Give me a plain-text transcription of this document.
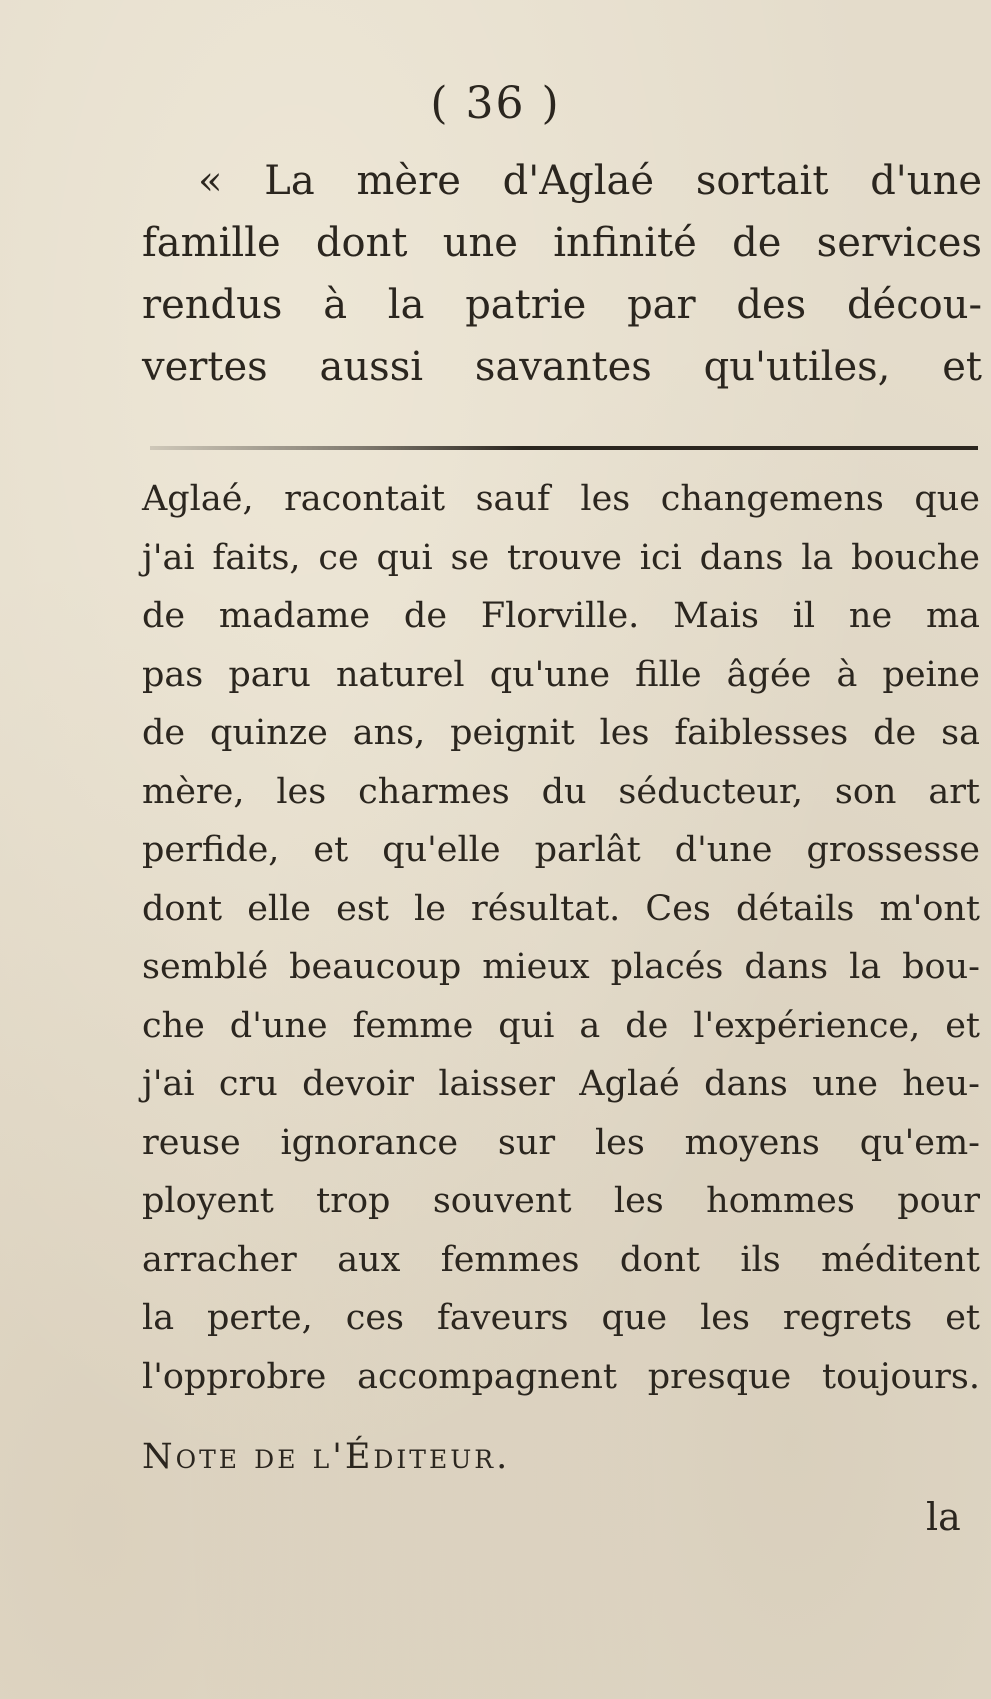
( 36 )
« La mère d'Aglaé sortait d'une
famille dont une infinité de services
rendus à la patrie par des décou-
vertes aussi savantes qu'utiles, et
Aglaé, racontait sauf les changemens que
j'ai faits, ce qui se trouve ici dans la bouche
de madame de Florville. Mais il ne ma
pas paru naturel qu'une fille âgée à peine
de quinze ans, peignit les faiblesses de sa
mère, les charmes du séducteur, son art
perfide, et qu'elle parlât d'une grossesse
dont elle est le résultat. Ces détails m'ont
semblé beaucoup mieux placés dans la bou-
che d'une femme qui a de l'expérience, et
j'ai cru devoir laisser Aglaé dans une heu-
reuse ignorance sur les moyens qu'em-
ployent trop souvent les hommes pour
arracher aux femmes dont ils méditent
la perte, ces faveurs que les regrets et
l'opprobre accompagnent presque toujours.
Note de l'Éditeur.
la
